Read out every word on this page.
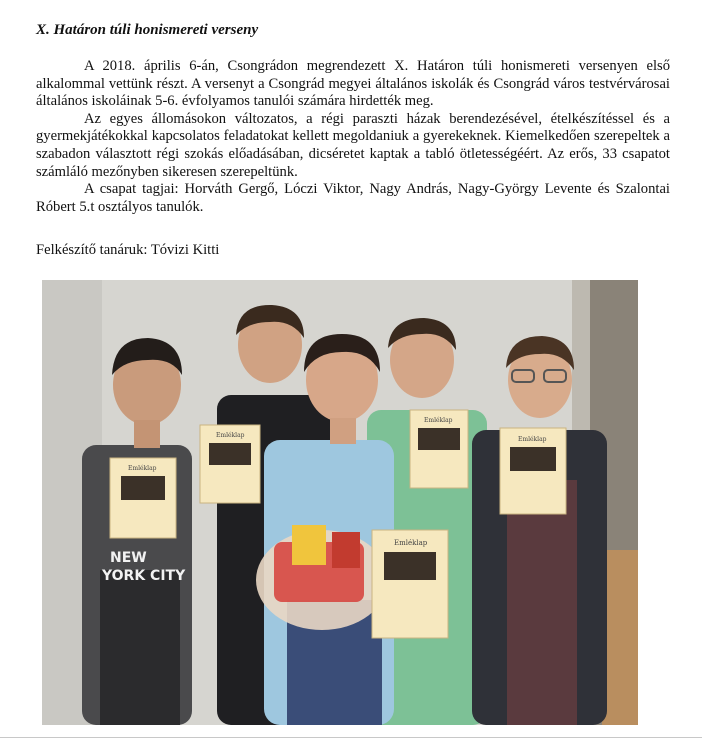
X. Határon túli honismereti verseny

A 2018. április 6-án, Csongrádon megrendezett X. Határon túli honismereti versenyen első alkalommal vettünk részt. A versenyt a Csongrád megyei általános iskolák és Csongrád város testvérvárosai általános iskoláinak 5-6. évfolyamos tanulói számára hirdették meg.

Az egyes állomásokon változatos, a régi paraszti házak berendezésével, ételkészítéssel és a gyermekjátékokkal kapcsolatos feladatokat kellett megoldaniuk a gyerekeknek. Kiemelkedően szerepeltek a szabadon választott régi szokás előadásában, dicséretet kaptak a tabló ötletességéért. Az erős, 33 csapatot számláló mezőnyben sikeresen szerepeltünk.

A csapat tagjai: Horváth Gergő, Lóczi Viktor, Nagy András, Nagy-György Levente és Szalontai Róbert 5.t osztályos tanulók.

Felkészítő tanáruk: Tóvizi Kitti

NEW
YORK CITY
Emléklap
Emléklap
Emléklap
Emléklap
Emléklap
